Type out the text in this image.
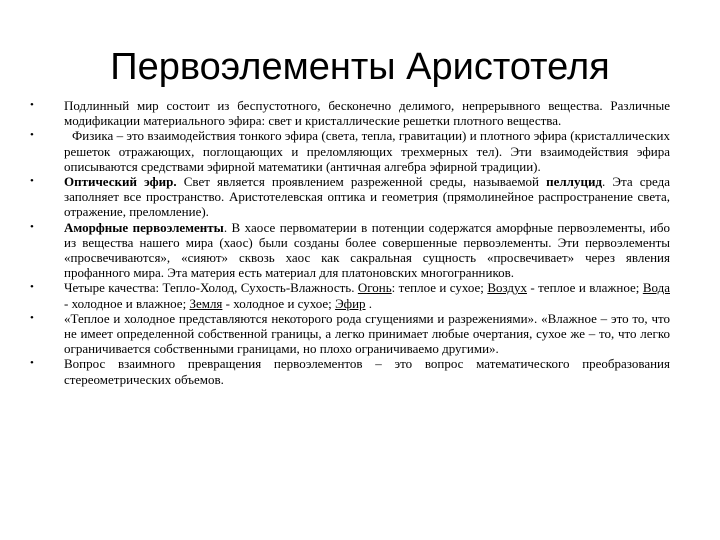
Первоэлементы Аристотеля
•	Подлинный мир состоит из беспустотного, бесконечно делимого, непрерывного вещества. Различные модификации материального эфира: свет и кристаллические решетки плотного вещества.
•	Физика – это взаимодействия тонкого эфира (света, тепла, гравитации) и плотного эфира (кристаллических решеток отражающих, поглощающих и преломляющих трехмерных тел). Эти взаимодействия эфира описываются средствами эфирной математики (античная алгебра эфирной традиции).
•	Оптический эфир. Свет является проявлением разреженной среды, называемой пеллуцид. Эта среда заполняет все пространство. Аристотелевская оптика и геометрия (прямолинейное распространение света, отражение, преломление).
•	Аморфные первоэлементы. В хаосе первоматерии в потенции содержатся аморфные первоэлементы, ибо из вещества нашего мира (хаос) были созданы более совершенные первоэлементы. Эти первоэлементы «просвечиваются», «сияют» сквозь хаос как сакральная сущность «просвечивает» через явления профанного мира. Эта материя есть материал для платоновских многогранников.
•	Четыре качества: Тепло-Холод, Сухость-Влажность. Огонь: теплое и сухое; Воздух - теплое и влажное; Вода - холодное и влажное; Земля - холодное и сухое; Эфир .
•	«Теплое и холодное представляются некоторого рода сгущениями и разрежениями». «Влажное – это то, что не имеет определенной собственной границы, а легко принимает любые очертания, сухое же – то, что легко ограничивается собственными границами, но плохо ограничиваемо другими».
•	Вопрос взаимного превращения первоэлементов – это вопрос математического преобразования стереометрических объемов.
